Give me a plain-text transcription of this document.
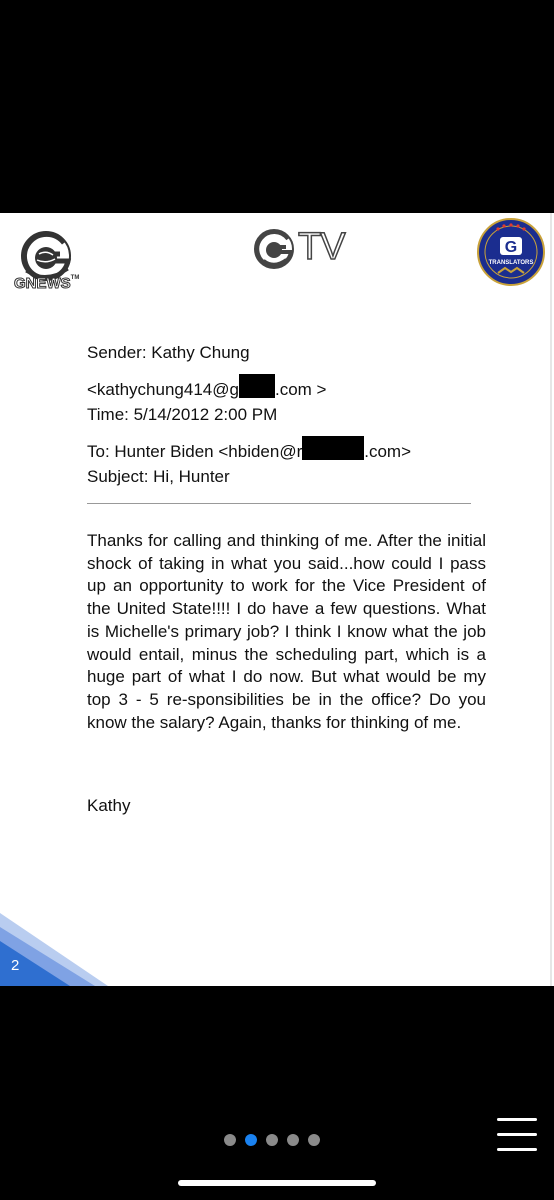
GNEWS™
TV	G
TRANSLATORS
Sender: Kathy Chung
<kathychung414@g .com >
Time: 5/14/2012 2:00 PM
To: Hunter Biden <hbiden@r	.com>
Subject: Hi, Hunter
Thanks for calling and thinking of me. After the initial shock of taking in what you said...how could I pass up an opportunity to work for the Vice President of the United State!!!! I do have a few questions. What is Michelle's primary job? I think I know what the job would entail, minus the scheduling part, which is a huge part of what I do now. But what would be my top 3 - 5 re-sponsibilities be in the office? Do you know the salary? Again, thanks for thinking of me.
Kathy
2
